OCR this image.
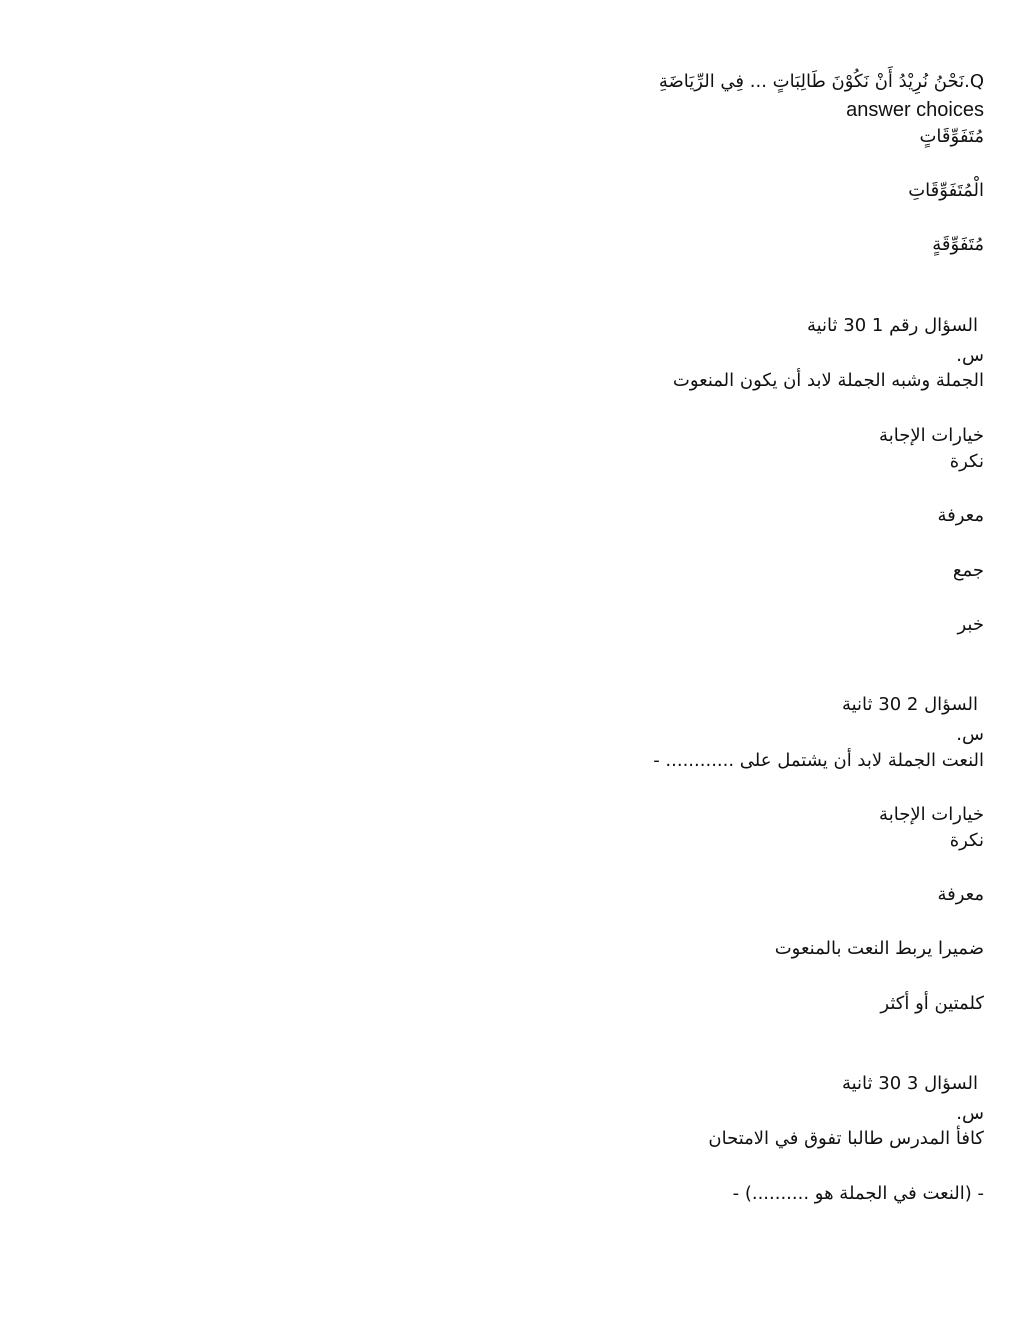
Q.نَحْنُ نُرِيْدُ أَنْ نَكُوْنَ طَالِبَاتٍ ... فِي الرِّيَاضَةِ
answer choices
مُتَفَوِّقَاتٍ
الْمُتَفَوِّقَاتِ
مُتَفَوِّقَةٍ
السؤال رقم 1 30 ثانية
س.
الجملة وشبه الجملة لابد أن يكون المنعوت
خيارات الإجابة
نكرة
معرفة
جمع
خبر
السؤال 2 30 ثانية
س.
النعت الجملة لابد أن يشتمل على ............ -
خيارات الإجابة
نكرة
معرفة
ضميرا يربط النعت بالمنعوت
كلمتين أو أكثر
السؤال 3 30 ثانية
س.
كافأ المدرس طالبا تفوق في الامتحان
- (النعت في الجملة هو ..........) -
